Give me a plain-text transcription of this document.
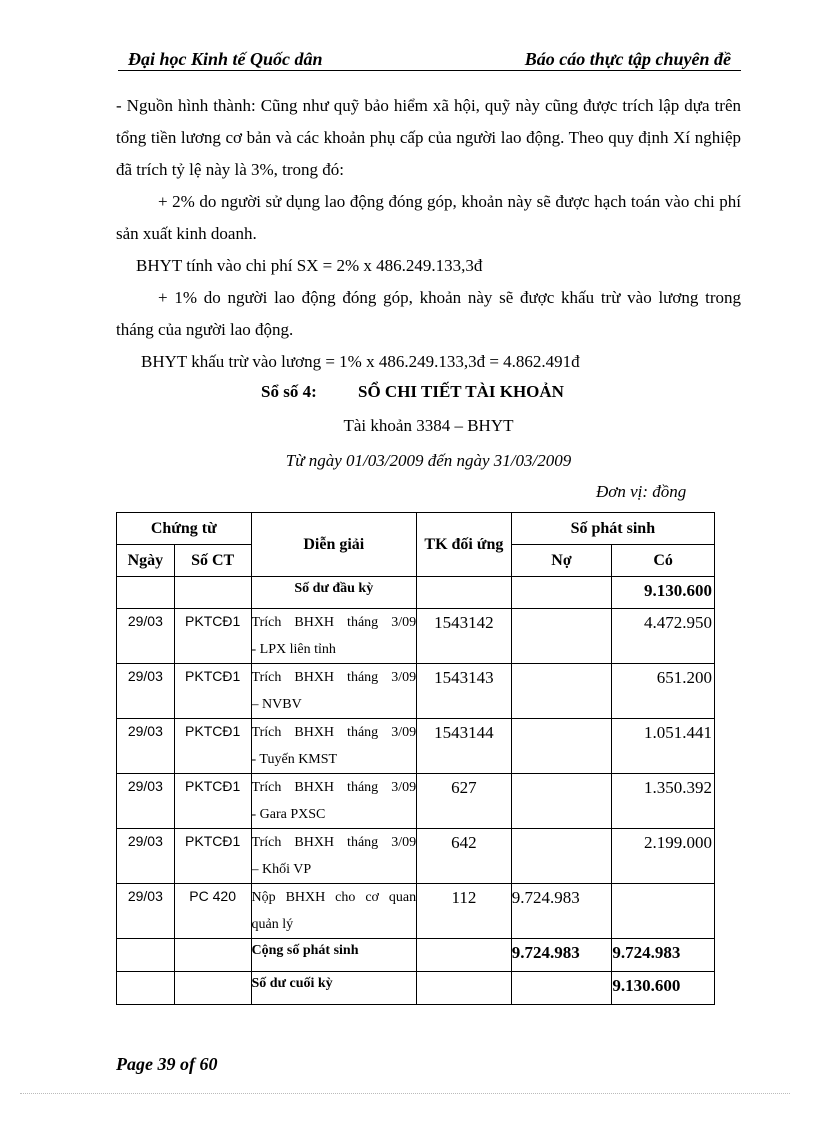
Đại học Kinh tế Quốc dân	Báo cáo thực tập chuyên đề

- Nguồn hình thành: Cũng như quỹ bảo hiểm xã hội, quỹ này cũng được trích lập dựa trên tổng tiền lương cơ bản và các khoản phụ cấp của người lao động. Theo quy định Xí nghiệp đã trích tỷ lệ này là 3%, trong đó:

+ 2% do người sử dụng lao động đóng góp, khoản này sẽ được hạch toán vào chi phí sản xuất kinh doanh.

BHYT tính vào chi phí SX = 2% x 486.249.133,3đ

+ 1% do người lao động đóng góp, khoản này sẽ được khấu trừ vào lương trong tháng của người lao động.

BHYT khấu trừ vào lương = 1% x 486.249.133,3đ = 4.862.491đ

Sổ số 4: SỔ CHI TIẾT TÀI KHOẢN
Tài khoản 3384 – BHYT
Từ ngày 01/03/2009 đến ngày 31/03/2009
Đơn vị: đồng
Chứng từ		Diễn giải	TK đối ứng	Số phát sinh	
Ngày	Số CT			Nợ	Có
		Số dư đầu kỳ			9.130.600
29/03	PKTCĐ1	Trích BHXH tháng 3/09
- LPX liên tỉnh	1543142		4.472.950
29/03	PKTCĐ1	Trích BHXH tháng 3/09
– NVBV	1543143		651.200
29/03	PKTCĐ1	Trích BHXH tháng 3/09
- Tuyến KMST	1543144		1.051.441
29/03	PKTCĐ1	Trích BHXH tháng 3/09
- Gara PXSC	627		1.350.392
29/03	PKTCĐ1	Trích BHXH tháng 3/09
– Khối VP	642		2.199.000
29/03	PC 420	Nộp BHXH cho cơ quan
quản lý	112	9.724.983	
		Cộng số phát sinh		9.724.983	9.724.983
		Số dư cuối kỳ			9.130.600
Page 39 of 60
